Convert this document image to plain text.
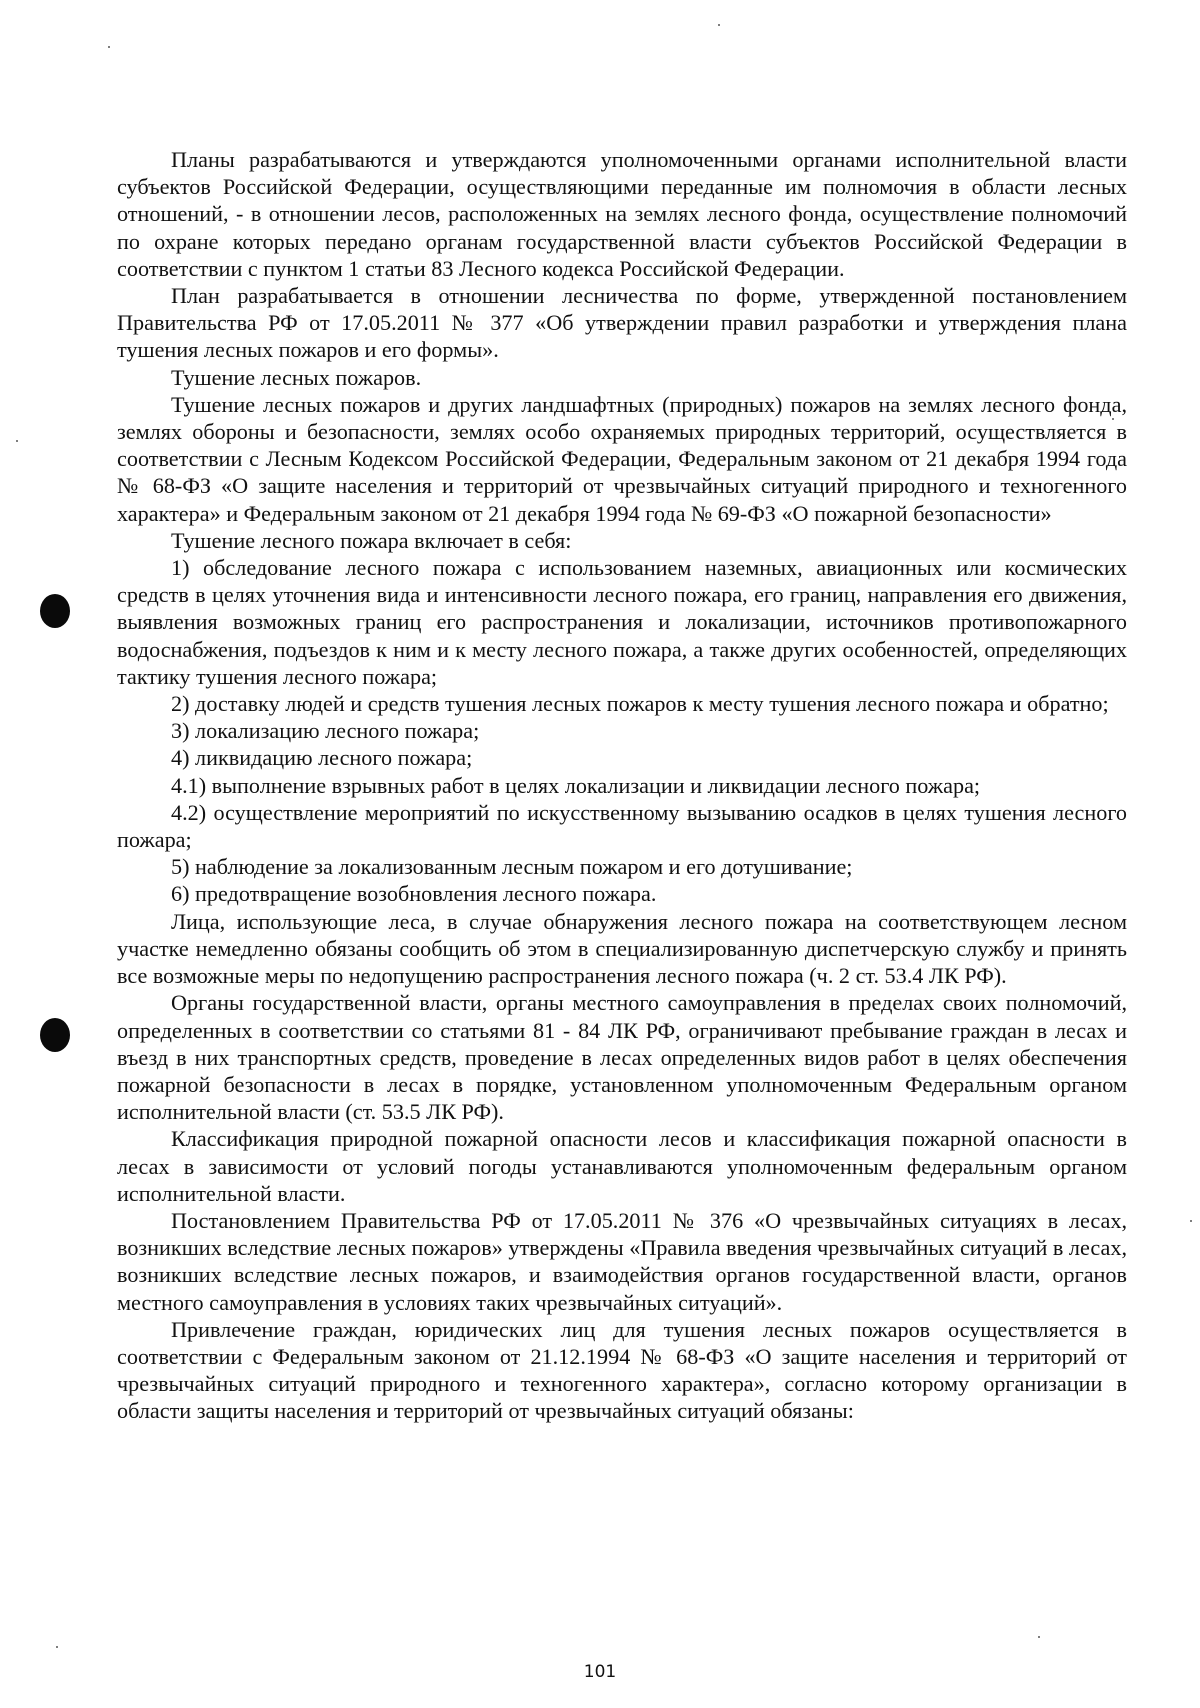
Планы разрабатываются и утверждаются уполномоченными органами исполнительной власти субъектов Российской Федерации, осуществляющими переданные им полномочия в области лесных отношений, - в отношении лесов, расположенных на землях лесного фонда, осуществление полномочий по охране которых передано органам государственной власти субъектов Российской Федерации в соответствии с пунктом 1 статьи 83 Лесного кодекса Российской Федерации.

План разрабатывается в отношении лесничества по форме, утвержденной постановлением Правительства РФ от 17.05.2011 № 377 «Об утверждении правил разработки и утверждения плана тушения лесных пожаров и его формы».

Тушение лесных пожаров.

Тушение лесных пожаров и других ландшафтных (природных) пожаров на землях лесного фонда, землях обороны и безопасности, землях особо охраняемых природных территорий, осуществляется в соответствии с Лесным Кодексом Российской Федерации, Федеральным законом от 21 декабря 1994 года № 68-ФЗ «О защите населения и территорий от чрезвычайных ситуаций природного и техногенного характера» и Федеральным законом от 21 декабря 1994 года № 69-ФЗ «О пожарной безопасности»

Тушение лесного пожара включает в себя:

1) обследование лесного пожара с использованием наземных, авиационных или космических средств в целях уточнения вида и интенсивности лесного пожара, его границ, направления его движения, выявления возможных границ его распространения и локализации, источников противопожарного водоснабжения, подъездов к ним и к месту лесного пожара, а также других особенностей, определяющих тактику тушения лесного пожара;

2) доставку людей и средств тушения лесных пожаров к месту тушения лесного пожара и обратно;

3) локализацию лесного пожара;

4) ликвидацию лесного пожара;

4.1) выполнение взрывных работ в целях локализации и ликвидации лесного пожара;

4.2) осуществление мероприятий по искусственному вызыванию осадков в целях тушения лесного пожара;

5) наблюдение за локализованным лесным пожаром и его дотушивание;

6) предотвращение возобновления лесного пожара.

Лица, использующие леса, в случае обнаружения лесного пожара на соответствующем лесном участке немедленно обязаны сообщить об этом в специализированную диспетчерскую службу и принять все возможные меры по недопущению распространения лесного пожара (ч. 2 ст. 53.4 ЛК РФ).

Органы государственной власти, органы местного самоуправления в пределах своих полномочий, определенных в соответствии со статьями 81 - 84 ЛК РФ, ограничивают пребывание граждан в лесах и въезд в них транспортных средств, проведение в лесах определенных видов работ в целях обеспечения пожарной безопасности в лесах в порядке, установленном уполномоченным Федеральным органом исполнительной власти (ст. 53.5 ЛК РФ).

Классификация природной пожарной опасности лесов и классификация пожарной опасности в лесах в зависимости от условий погоды устанавливаются уполномоченным федеральным органом исполнительной власти.

Постановлением Правительства РФ от 17.05.2011 № 376 «О чрезвычайных ситуациях в лесах, возникших вследствие лесных пожаров» утверждены «Правила введения чрезвычайных ситуаций в лесах, возникших вследствие лесных пожаров, и взаимодействия органов государственной власти, органов местного самоуправления в условиях таких чрезвычайных ситуаций».

Привлечение граждан, юридических лиц для тушения лесных пожаров осуществляется в соответствии с Федеральным законом от 21.12.1994 № 68-ФЗ «О защите населения и территорий от чрезвычайных ситуаций природного и техногенного характера», согласно которому организации в области защиты населения и территорий от чрезвычайных ситуаций обязаны:

101
